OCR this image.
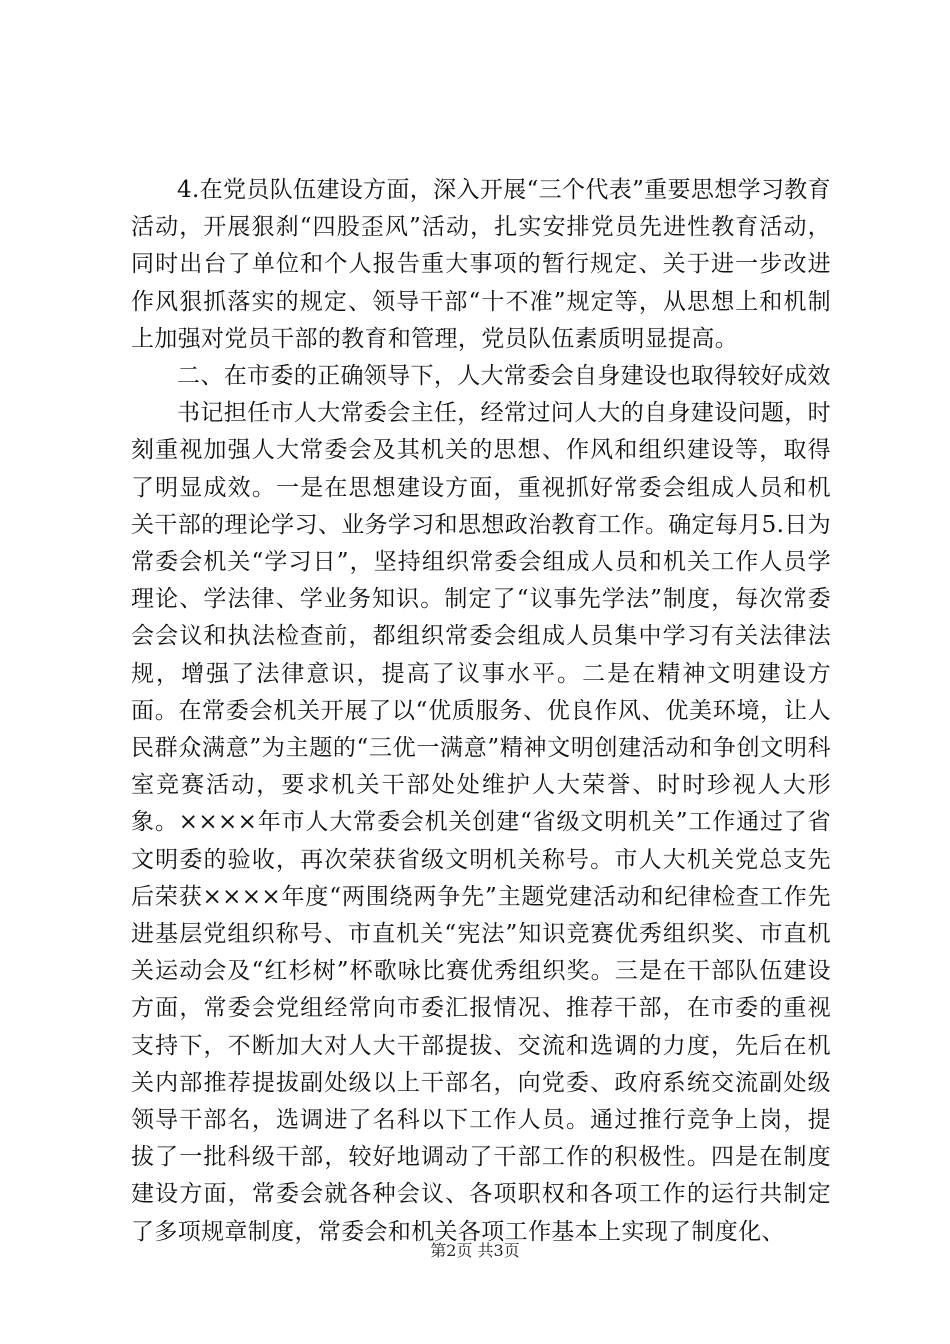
4.在党员队伍建设方面，深入开展“三个代表”重要思想学习教育活动，开展狠刹“四股歪风”活动，扎实安排党员先进性教育活动，同时出台了单位和个人报告重大事项的暂行规定、关于进一步改进作风狠抓落实的规定、领导干部“十不准”规定等，从思想上和机制上加强对党员干部的教育和管理，党员队伍素质明显提高。

二、在市委的正确领导下，人大常委会自身建设也取得较好成效

书记担任市人大常委会主任，经常过问人大的自身建设问题，时刻重视加强人大常委会及其机关的思想、作风和组织建设等，取得了明显成效。一是在思想建设方面，重视抓好常委会组成人员和机关干部的理论学习、业务学习和思想政治教育工作。确定每月5.日为常委会机关“学习日”，坚持组织常委会组成人员和机关工作人员学理论、学法律、学业务知识。制定了“议事先学法”制度，每次常委会会议和执法检查前，都组织常委会组成人员集中学习有关法律法规，增强了法律意识，提高了议事水平。二是在精神文明建设方面。在常委会机关开展了以“优质服务、优良作风、优美环境，让人民群众满意”为主题的“三优一满意”精神文明创建活动和争创文明科室竞赛活动，要求机关干部处处维护人大荣誉、时时珍视人大形象。××××年市人大常委会机关创建“省级文明机关”工作通过了省文明委的验收，再次荣获省级文明机关称号。市人大机关党总支先后荣获××××年度“两围绕两争先”主题党建活动和纪律检查工作先进基层党组织称号、市直机关“宪法”知识竞赛优秀组织奖、市直机关运动会及“红杉树”杯歌咏比赛优秀组织奖。三是在干部队伍建设方面，常委会党组经常向市委汇报情况、推荐干部，在市委的重视支持下，不断加大对人大干部提拔、交流和选调的力度，先后在机关内部推荐提拔副处级以上干部名，向党委、政府系统交流副处级领导干部名，选调进了名科以下工作人员。通过推行竞争上岗，提拔了一批科级干部，较好地调动了干部工作的积极性。四是在制度建设方面，常委会就各种会议、各项职权和各项工作的运行共制定了多项规章制度，常委会和机关各项工作基本上实现了制度化、

第2页 共3页
